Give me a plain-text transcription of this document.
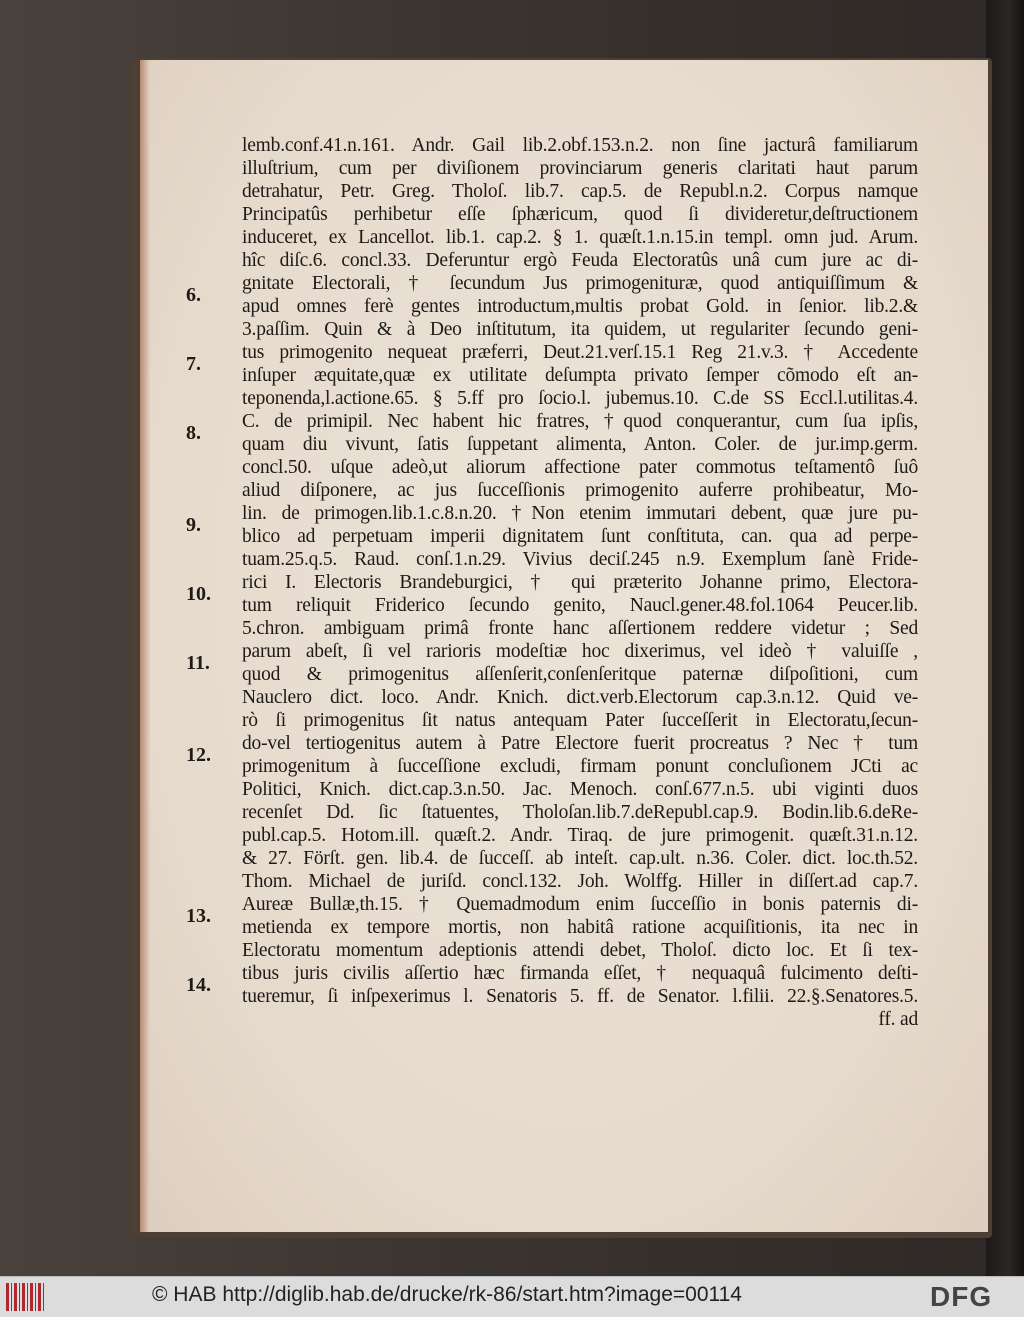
lemb.conf.41.n.161. Andr. Gail lib.2.obf.153.n.2. non ſine jacturâ familiarum
illuſtrium, cum per diviſionem provinciarum generis claritati haut parum
detrahatur, Petr. Greg. Tholoſ. lib.7. cap.5. de Republ.n.2. Corpus namque
Principatûs perhibetur eſſe ſphæricum, quod ſi divideretur,deſtructionem
induceret, ex Lancellot. lib.1. cap.2. § 1. quæſt.1.n.15.in templ. omn jud. Arum.
hîc diſc.6. concl.33. Deferuntur ergò Feuda Electoratûs unâ cum jure ac di-
gnitate Electorali, † ſecundum Jus primogenituræ, quod antiquiſſimum &
apud omnes ferè gentes introductum,multis probat Gold. in ſenior. lib.2.&
3.paſſim. Quin & à Deo inſtitutum, ita quidem, ut regulariter ſecundo geni-
tus primogenito nequeat præferri, Deut.21.verſ.15.1 Reg 21.v.3. † Accedente
inſuper æquitate,quæ ex utilitate deſumpta privato ſemper cõmodo eſt an-
teponenda,l.actione.65. § 5.ff pro ſocio.l. jubemus.10. C.de SS Eccl.l.utilitas.4.
C. de primipil. Nec habent hic fratres, †quod conquerantur, cum ſua ipſis,
quam diu vivunt, ſatis ſuppetant alimenta, Anton. Coler. de jur.imp.germ.
concl.50. uſque adeò,ut aliorum affectione pater commotus teſtamentô ſuô
aliud diſponere, ac jus ſucceſſionis primogenito auferre prohibeatur, Mo-
lin. de primogen.lib.1.c.8.n.20. †Non etenim immutari debent, quæ jure pu-
blico ad perpetuam imperii dignitatem ſunt conſtituta, can. qua ad perpe-
tuam.25.q.5. Raud. conſ.1.n.29. Vivius deciſ.245 n.9. Exemplum ſanè Fride-
rici I. Electoris Brandeburgici, † qui præterito Johanne primo, Electora-
tum reliquit Friderico ſecundo genito, Naucl.gener.48.fol.1064 Peucer.lib.
5.chron. ambiguam primâ fronte hanc aſſertionem reddere videtur ; Sed
parum abeſt, ſi vel rarioris modeſtiæ hoc dixerimus, vel ideò † valuiſſe ,
quod & primogenitus aſſenſerit,conſenſeritque paternæ diſpoſitioni, cum
Nauclero dict. loco. Andr. Knich. dict.verb.Electorum cap.3.n.12. Quid ve-
rò ſi primogenitus ſit natus antequam Pater ſucceſſerit in Electoratu,ſecun-
do-vel tertiogenitus autem à Patre Electore fuerit procreatus ? Nec † tum
primogenitum à ſucceſſione excludi, firmam ponunt concluſionem JCti ac
Politici, Knich. dict.cap.3.n.50. Jac. Menoch. conſ.677.n.5. ubi viginti duos
recenſet Dd. ſic ſtatuentes, Tholoſan.lib.7.deRepubl.cap.9. Bodin.lib.6.deRe-
publ.cap.5. Hotom.ill. quæſt.2. Andr. Tiraq. de jure primogenit. quæſt.31.n.12.
& 27. Förſt. gen. lib.4. de ſucceſſ. ab inteſt. cap.ult. n.36. Coler. dict. loc.th.52.
Thom. Michael de juriſd. concl.132. Joh. Wolffg. Hiller in diſſert.ad cap.7.
Aureæ Bullæ,th.15. † Quemadmodum enim ſucceſſio in bonis paternis di-
metienda ex tempore mortis, non habitâ ratione acquiſitionis, ita nec in
Electoratu momentum adeptionis attendi debet, Tholoſ. dicto loc. Et ſi tex-
tibus juris civilis aſſertio hæc firmanda eſſet, † nequaquâ fulcimento deſti-
tueremur, ſi inſpexerimus l. Senatoris 5. ff. de Senator. l.filii. 22.§.Senatores.5.
ff. ad
6.
7.
8.
9.
10.
11.
12.
13.
14.
© HAB http://diglib.hab.de/drucke/rk-86/start.htm?image=00114	DFG
